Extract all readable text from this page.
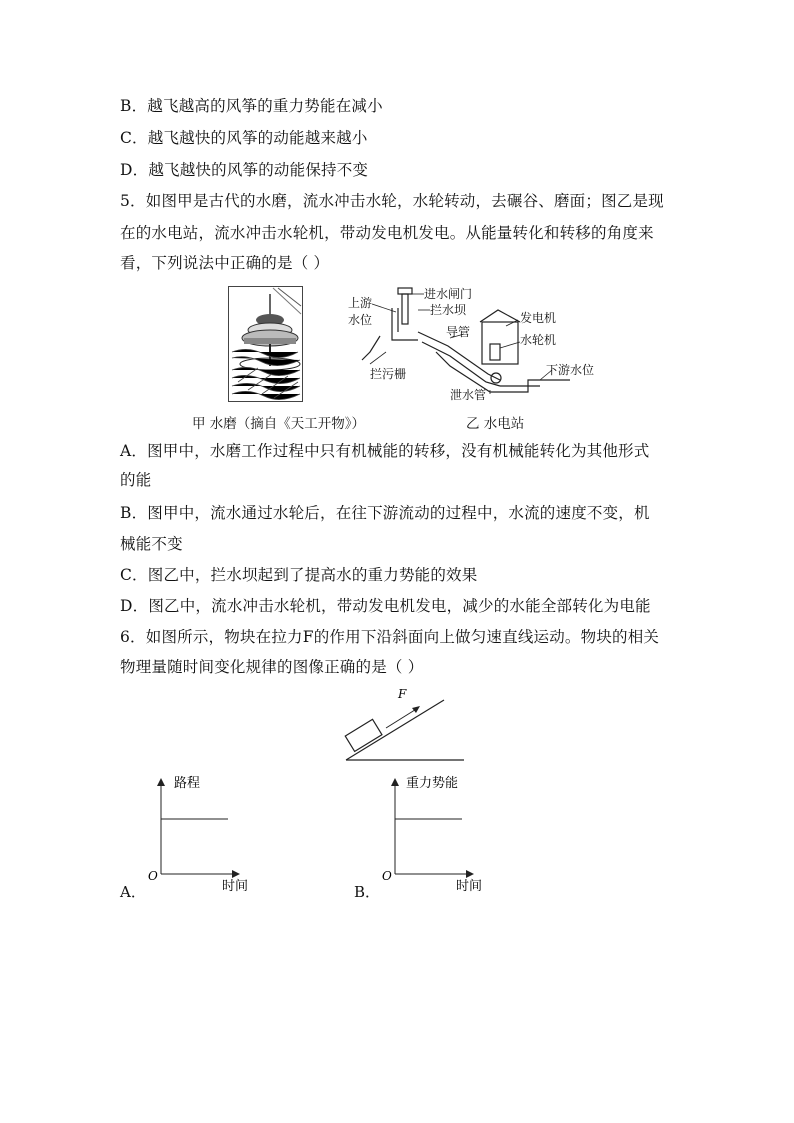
B．越飞越高的风筝的重力势能在减小
C．越飞越快的风筝的动能越来越小
D．越飞越快的风筝的动能保持不变
5．如图甲是古代的水磨，流水冲击水轮，水轮转动，去碾谷、磨面；图乙是现
在的水电站，流水冲击水轮机，带动发电机发电。从能量转化和转移的角度来
看，下列说法中正确的是（ ）
上游
水位
进水闸门
拦水坝
导管
发电机
水轮机
下游水位
拦污栅
泄水管
甲 水磨（摘自《天工开物》）	乙 水电站
A．图甲中，水磨工作过程中只有机械能的转移，没有机械能转化为其他形式
的能
B．图甲中，流水通过水轮后，在往下游流动的过程中，水流的速度不变，机
械能不变
C．图乙中，拦水坝起到了提高水的重力势能的效果
D．图乙中，流水冲击水轮机，带动发电机发电，减少的水能全部转化为电能
6．如图所示，物块在拉力F的作用下沿斜面向上做匀速直线运动。物块的相关
物理量随时间变化规律的图像正确的是（ ）
F
A．
路程
时间
O
B．
重力势能
时间
O
